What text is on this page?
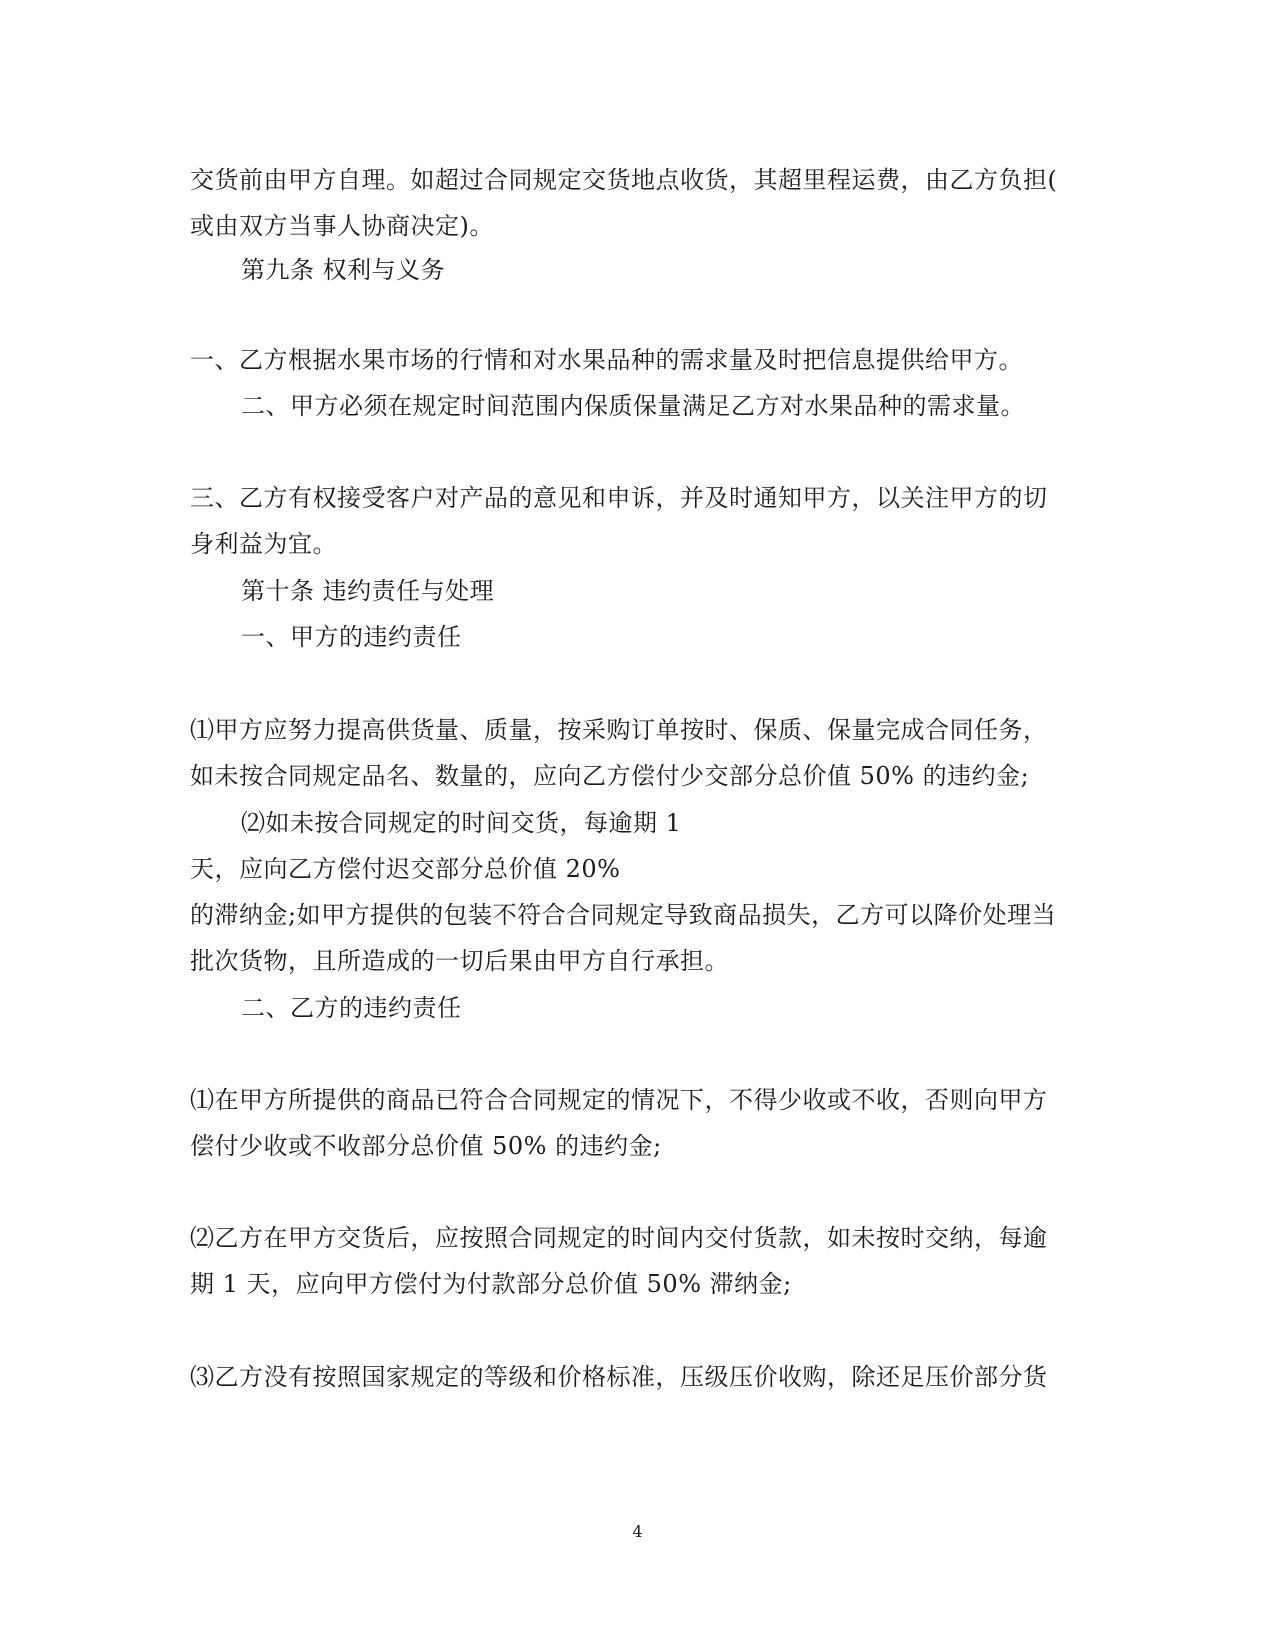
交货前由甲方自理。如超过合同规定交货地点收货，其超里程运费，由乙方负担(
或由双方当事人协商决定)。
第九条 权利与义务
一、乙方根据水果市场的行情和对水果品种的需求量及时把信息提供给甲方。
二、甲方必须在规定时间范围内保质保量满足乙方对水果品种的需求量。
三、乙方有权接受客户对产品的意见和申诉，并及时通知甲方，以关注甲方的切
身利益为宜。
第十条 违约责任与处理
一、甲方的违约责任
⑴甲方应努力提高供货量、质量，按采购订单按时、保质、保量完成合同任务，
如未按合同规定品名、数量的，应向乙方偿付少交部分总价值 50% 的违约金;
⑵如未按合同规定的时间交货，每逾期 1
天，应向乙方偿付迟交部分总价值 20%
的滞纳金;如甲方提供的包装不符合合同规定导致商品损失，乙方可以降价处理当
批次货物，且所造成的一切后果由甲方自行承担。
二、乙方的违约责任
⑴在甲方所提供的商品已符合合同规定的情况下，不得少收或不收，否则向甲方
偿付少收或不收部分总价值 50% 的违约金;
⑵乙方在甲方交货后，应按照合同规定的时间内交付货款，如未按时交纳，每逾
期 1 天，应向甲方偿付为付款部分总价值 50% 滞纳金;
⑶乙方没有按照国家规定的等级和价格标准，压级压价收购，除还足压价部分货
4
